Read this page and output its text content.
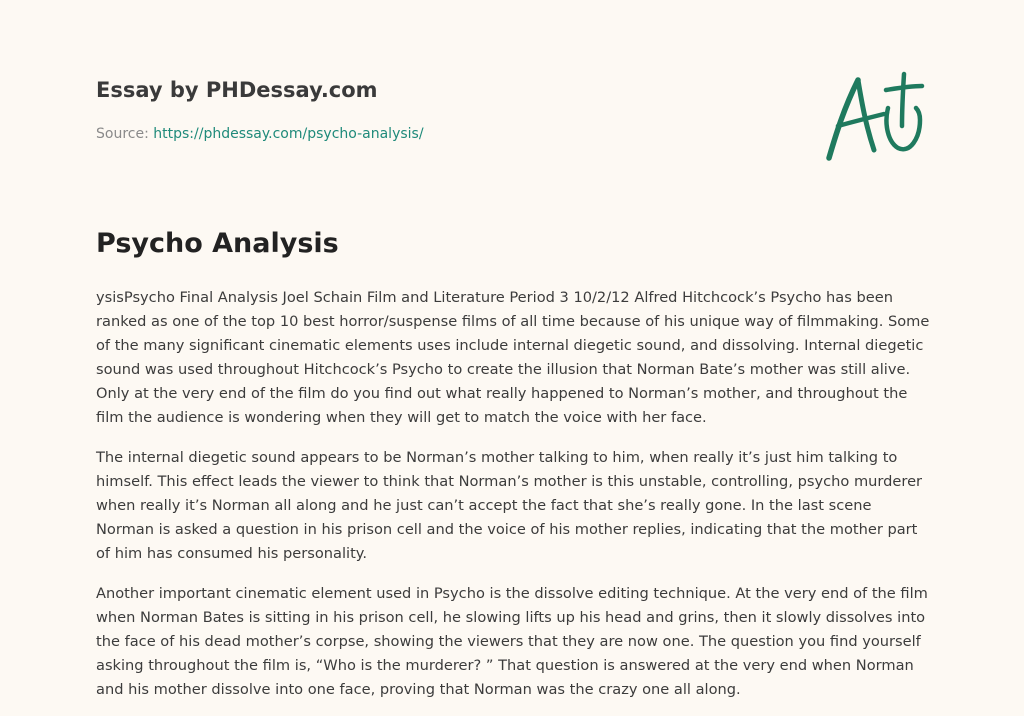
Essay by PHDessay.com
Source: https://phdessay.com/psycho-analysis/
Psycho Analysis

ysisPsycho Final Analysis Joel Schain Film and Literature Period 3 10/2/12 Alfred Hitchcock’s Psycho has been ranked as one of the top 10 best horror/suspense films of all time because of his unique way of filmmaking. Some of the many significant cinematic elements uses include internal diegetic sound, and dissolving. Internal diegetic sound was used throughout Hitchcock’s Psycho to create the illusion that Norman Bate’s mother was still alive. Only at the very end of the film do you find out what really happened to Norman’s mother, and throughout the film the audience is wondering when they will get to match the voice with her face.

The internal diegetic sound appears to be Norman’s mother talking to him, when really it’s just him talking to himself. This effect leads the viewer to think that Norman’s mother is this unstable, controlling, psycho murderer when really it’s Norman all along and he just can’t accept the fact that she’s really gone. In the last scene Norman is asked a question in his prison cell and the voice of his mother replies, indicating that the mother part of him has consumed his personality.

Another important cinematic element used in Psycho is the dissolve editing technique. At the very end of the film when Norman Bates is sitting in his prison cell, he slowing lifts up his head and grins, then it slowly dissolves into the face of his dead mother’s corpse, showing the viewers that they are now one. The question you find yourself asking throughout the film is, “Who is the murderer? ” That question is answered at the very end when Norman and his mother dissolve into one face, proving that Norman was the crazy one all along.
